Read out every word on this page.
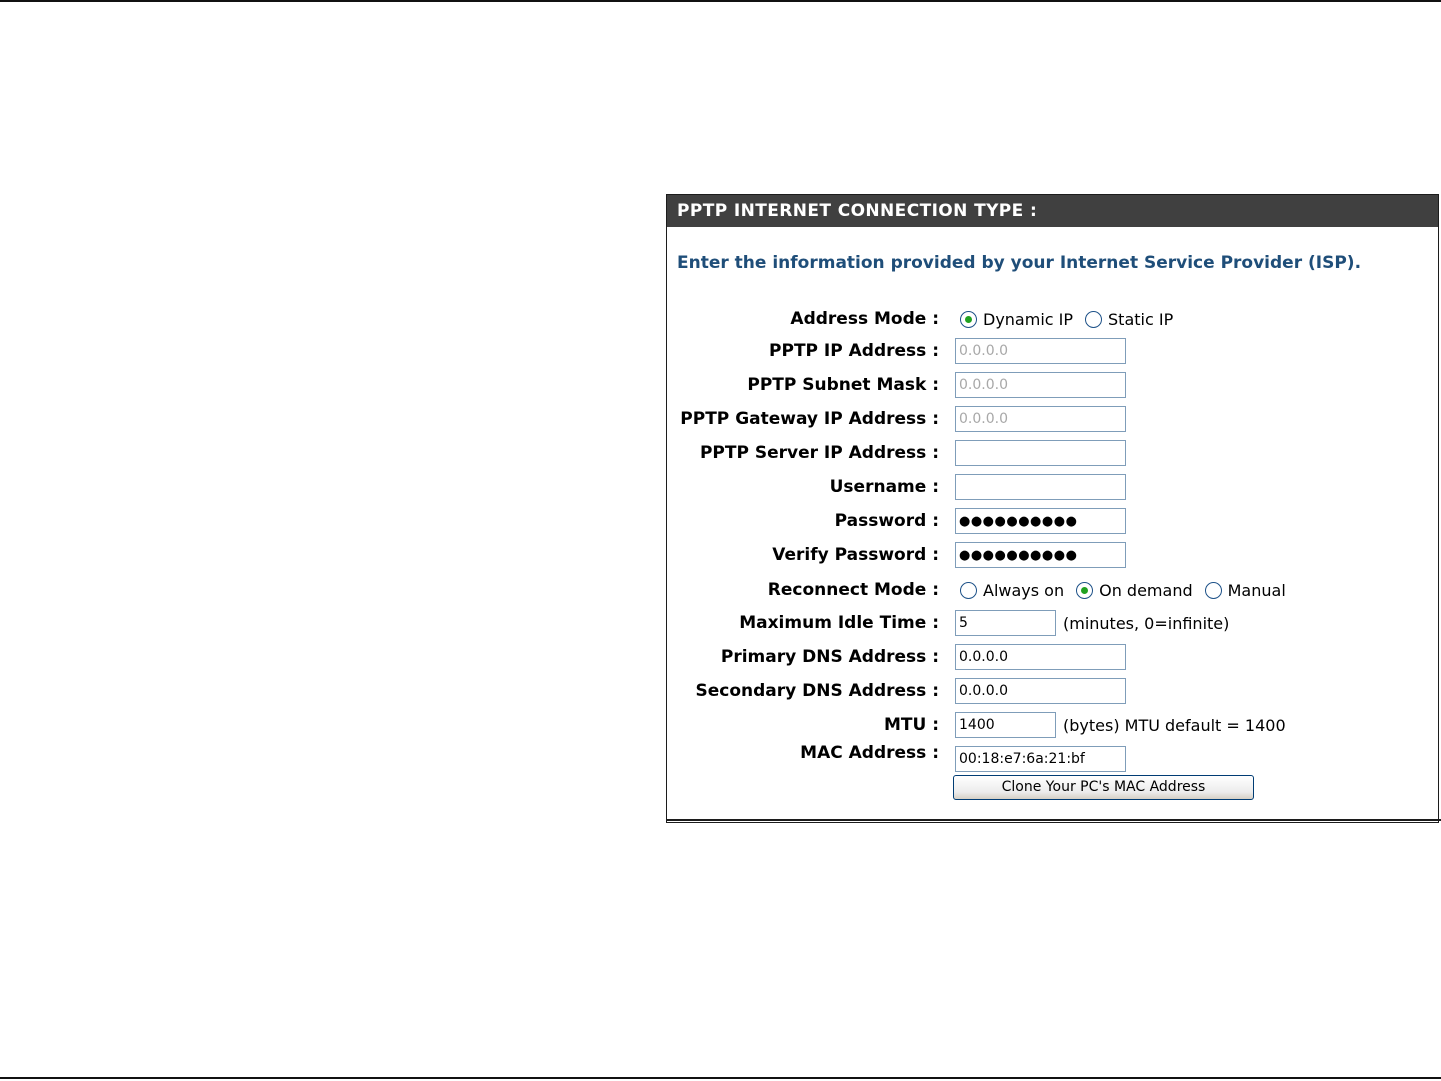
PPTP INTERNET CONNECTION TYPE :
Enter the information provided by your Internet Service Provider (ISP).
Address Mode :	Dynamic IP Static IP
PPTP IP Address : 0.0.0.0
PPTP Subnet Mask : 0.0.0.0
PPTP Gateway IP Address : 0.0.0.0
PPTP Server IP Address :
Username :
Password :	●●●●●●●●●●
Verify Password :	●●●●●●●●●●
Reconnect Mode :	Always on On demand Manual
Maximum Idle Time : 5	(minutes, 0=infinite)
Primary DNS Address : 0.0.0.0
Secondary DNS Address : 0.0.0.0
MTU : 1400	(bytes) MTU default = 1400
MAC Address : 00:18:e7:6a:21:bf
Clone Your PC's MAC Address
